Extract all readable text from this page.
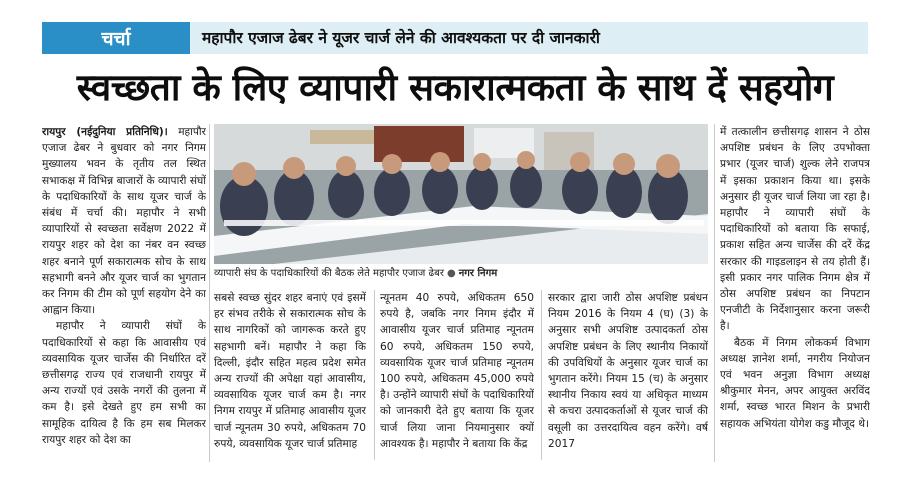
चर्चा	महापौर एजाज ढेबर ने यूजर चार्ज लेने की आवश्यकता पर दी जानकारी
स्वच्छता के लिए व्यापारी सकारात्मकता के साथ दें सहयोग

रायपुर (नईदुनिया प्रतिनिधि)। महापौर एजाज ढेबर ने बुधवार को नगर निगम मुख्यालय भवन के तृतीय तल स्थित सभाकक्ष में विभिन्न बाजारों के व्यापारी संघों के पदाधिकारियों के साथ यूजर चार्ज के संबंध में चर्चा की। महापौर ने सभी व्यापारियों से स्वच्छता सर्वेक्षण 2022 में रायपुर शहर को देश का नंबर वन स्वच्छ शहर बनाने पूर्ण सकारात्मक सोच के साथ सहभागी बनने और यूजर चार्ज का भुगतान कर निगम की टीम को पूर्ण सहयोग देने का आह्वान किया।

महापौर ने व्यापारी संघों के पदाधिकारियों से कहा कि आवासीय एवं व्यवसायिक यूजर चार्जेस की निर्धारित दरें छत्तीसगढ़ राज्य एवं राजधानी रायपुर में अन्य राज्यों एवं उसके नगरों की तुलना में कम है। इसे देखते हुए हम सभी का सामूहिक दायित्व है कि हम सब मिलकर रायपुर शहर को देश का

व्यापारी संघ के पदाधिकारियों की बैठक लेते महापौर एजाज ढेबर ● नगर निगम

सबसे स्वच्छ सुंदर शहर बनाएं एवं इसमें हर संभव तरीके से सकारात्मक सोच के साथ नागरिकों को जागरूक करते हुए सहभागी बनें। महापौर ने कहा कि दिल्ली, इंदौर सहित महत्व प्रदेश समेत अन्य राज्यों की अपेक्षा यहां आवासीय, व्यवसायिक यूजर चार्ज कम है। नगर निगम रायपुर में प्रतिमाह आवासीय यूजर चार्ज न्यूनतम 30 रुपये, अधिकतम 70 रुपये, व्यवसायिक यूजर चार्ज प्रतिमाह

न्यूनतम 40 रुपये, अधिकतम 650 रुपये है, जबकि नगर निगम इंदौर में आवासीय यूजर चार्ज प्रतिमाह न्यूनतम 60 रुपये, अधिकतम 150 रुपये, व्यवसायिक यूजर चार्ज प्रतिमाह न्यूनतम 100 रुपये, अधिकतम 45,000 रुपये है। उन्होंने व्यापारी संघों के पदाधिकारियों को जानकारी देते हुए बताया कि यूजर चार्ज लिया जाना नियमानुसार क्यों आवश्यक है। महापौर ने बताया कि केंद्र

सरकार द्वारा जारी ठोस अपशिष्ट प्रबंधन नियम 2016 के नियम 4 (घ) (3) के अनुसार सभी अपशिष्ट उत्पादकर्ता ठोस अपशिष्ट प्रबंधन के लिए स्थानीय निकायों की उपविधियों के अनुसार यूजर चार्ज का भुगतान करेंगे। नियम 15 (च) के अनुसार स्थानीय निकाय स्वयं या अधिकृत माध्यम से कचरा उत्पादकर्ताओं से यूजर चार्ज की वसूली का उत्तरदायित्व वहन करेंगे। वर्ष 2017

में तत्कालीन छत्तीसगढ़ शासन ने ठोस अपशिष्ट प्रबंधन के लिए उपभोक्ता प्रभार (यूजर चार्ज) शुल्क लेने राजपत्र में इसका प्रकाशन किया था। इसके अनुसार ही यूजर चार्ज लिया जा रहा है। महापौर ने व्यापारी संघों के पदाधिकारियों को बताया कि सफाई, प्रकाश सहित अन्य चार्जेस की दरें केंद्र सरकार की गाइडलाइन से तय होती हैं। इसी प्रकार नगर पालिक निगम क्षेत्र में ठोस अपशिष्ट प्रबंधन का निपटान एनजीटी के निर्देशानुसार करना जरूरी है।

बैठक में निगम लोककर्म विभाग अध्यक्ष ज्ञानेश शर्मा, नगरीय नियोजन एवं भवन अनुज्ञा विभाग अध्यक्ष श्रीकुमार मेनन, अपर आयुक्त अरविंद शर्मा, स्वच्छ भारत मिशन के प्रभारी सहायक अभियंता योगेश कडु मौजूद थे।
